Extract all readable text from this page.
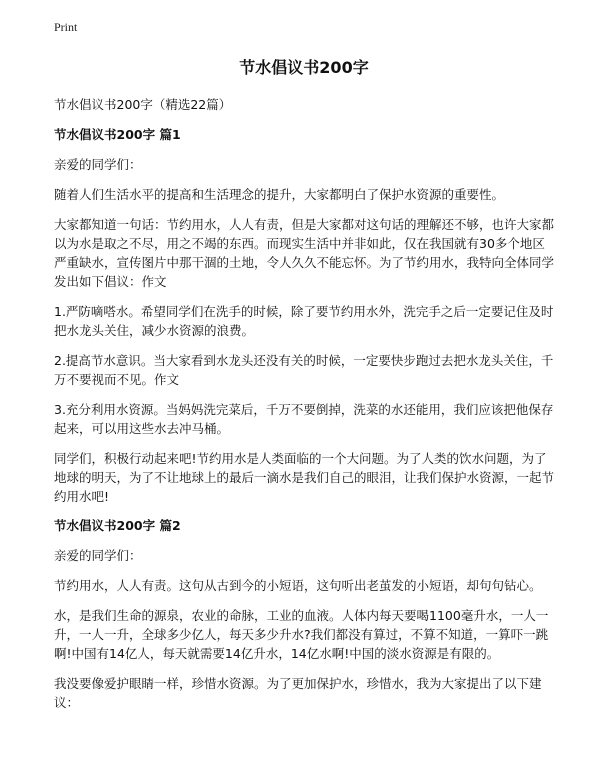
Print
节水倡议书200字
节水倡议书200字（精选22篇）
节水倡议书200字 篇1

亲爱的同学们：

随着人们生活水平的提高和生活理念的提升，大家都明白了保护水资源的重要性。

大家都知道一句话：节约用水，人人有责，但是大家都对这句话的理解还不够，也许大家都以为水是取之不尽，用之不竭的东西。而现实生活中并非如此，仅在我国就有30多个地区严重缺水，宣传图片中那干涸的土地，令人久久不能忘怀。为了节约用水，我特向全体同学发出如下倡议：作文

1.严防嘀嗒水。希望同学们在洗手的时候，除了要节约用水外，洗完手之后一定要记住及时把水龙头关住，减少水资源的浪费。

2.提高节水意识。当大家看到水龙头还没有关的时候，一定要快步跑过去把水龙头关住，千万不要视而不见。作文

3.充分利用水资源。当妈妈洗完菜后，千万不要倒掉，洗菜的水还能用，我们应该把他保存起来，可以用这些水去冲马桶。

同学们，积极行动起来吧!节约用水是人类面临的一个大问题。为了人类的饮水问题，为了地球的明天，为了不让地球上的最后一滴水是我们自己的眼泪，让我们保护水资源，一起节约用水吧!

节水倡议书200字 篇2

亲爱的同学们：

节约用水，人人有责。这句从古到今的小短语，这句听出老茧发的小短语，却句句钻心。

水，是我们生命的源泉，农业的命脉，工业的血液。人体内每天要喝1100毫升水，一人一升，一人一升，全球多少亿人，每天多少升水?我们都没有算过，不算不知道，一算吓一跳啊!中国有14亿人，每天就需要14亿升水，14亿水啊!中国的淡水资源是有限的。

我没要像爱护眼睛一样，珍惜水资源。为了更加保护水，珍惜水，我为大家提出了以下建议：
